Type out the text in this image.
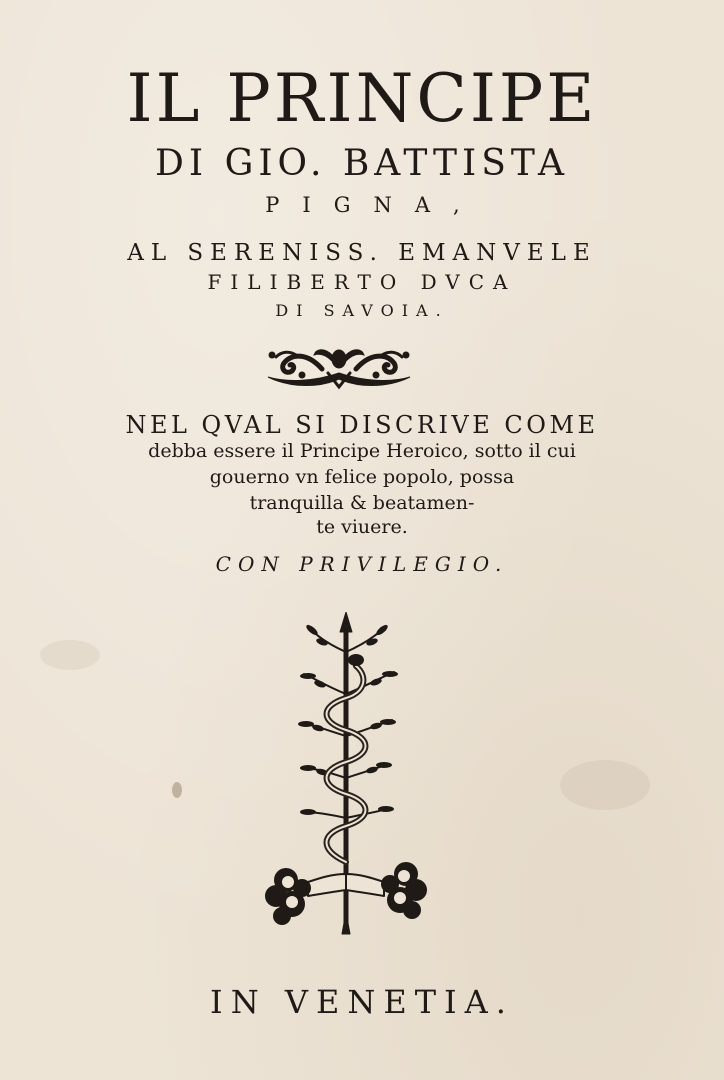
IL PRINCIPE
DI GIO. BATTISTA
PIGNA,
AL SERENISS. EMANVELE
FILIBERTO DVCA
DI SAVOIA.
NEL QVAL SI DISCRIVE COME
debba essere il Principe Heroico, sotto il cui
gouerno vn felice popolo, possa
tranquilla & beatamen-
te viuere.
CON PRIVILEGIO.
IN VENETIA.
